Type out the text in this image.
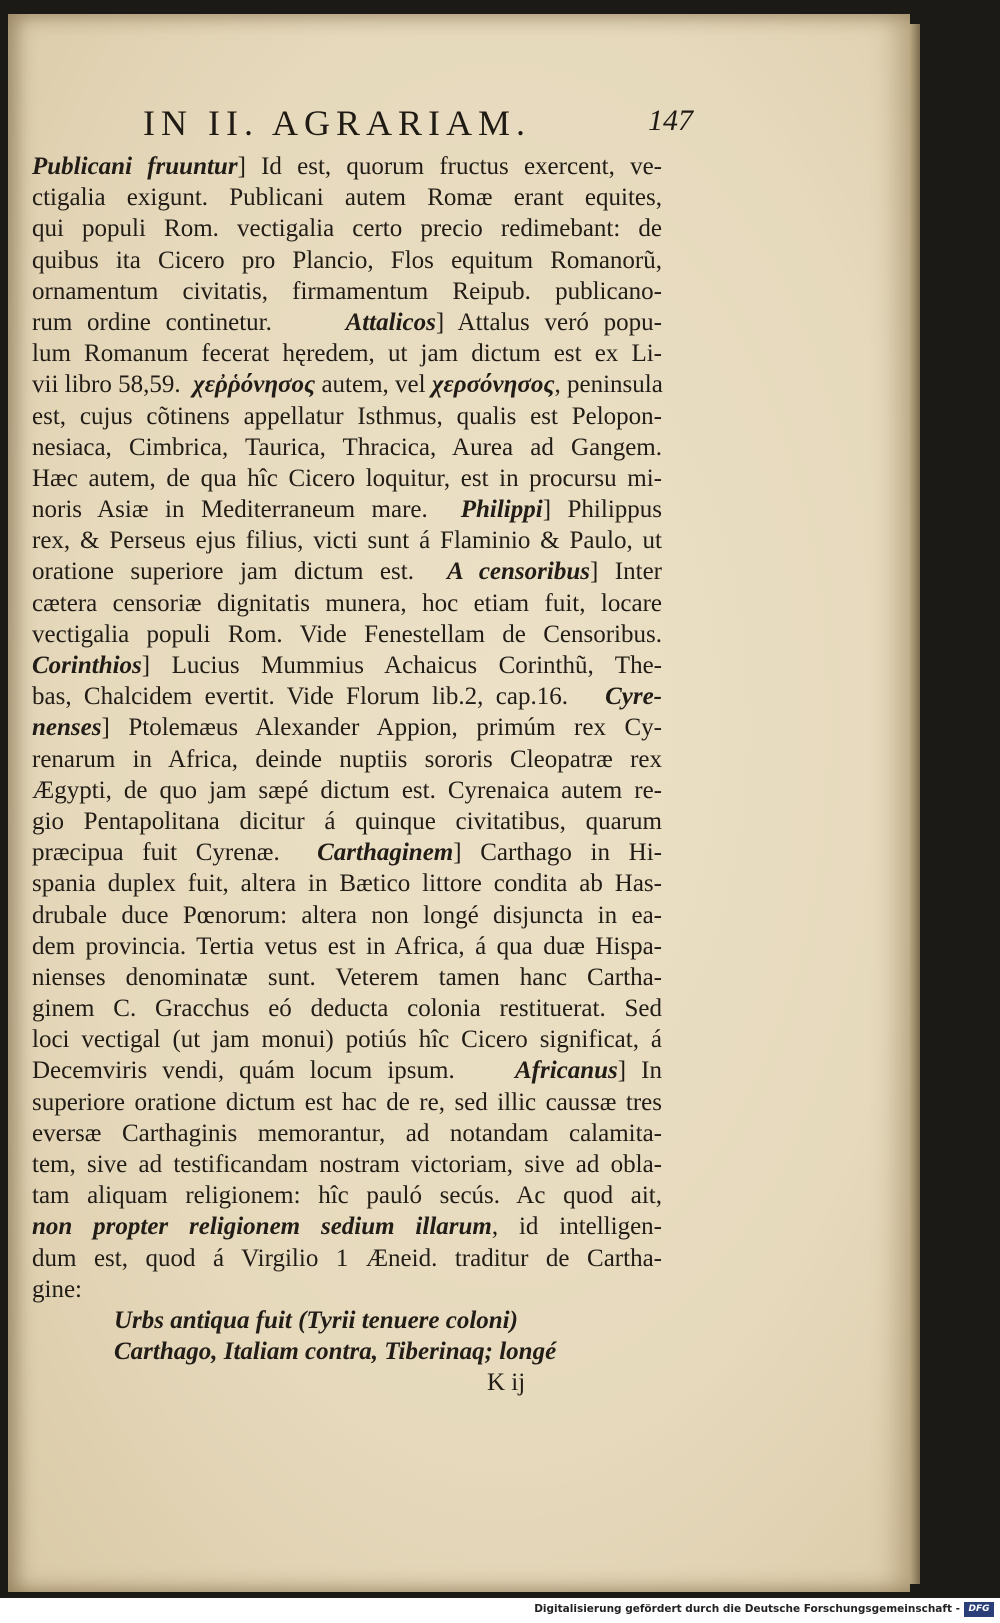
IN II. AGRARIAM.	147
Publicani fruuntur] Id est, quorum fructus exercent, ve-
ctigalia exigunt. Publicani autem Romæ erant equites,
qui populi Rom. vectigalia certo precio redimebant: de
quibus ita Cicero pro Plancio, Flos equitum Romanorũ,
ornamentum civitatis, firmamentum Reipub. publicano-
rum ordine continetur.	Attalicos] Attalus veró popu-
lum Romanum fecerat hęredem, ut jam dictum est ex Li-
vii libro 58,59. χεῤῥόνησος autem, vel χερσόνησος, peninsula
est, cujus cõtinens appellatur Isthmus, qualis est Pelopon-
nesiaca, Cimbrica, Taurica, Thracica, Aurea ad Gangem.
Hæc autem, de qua hîc Cicero loquitur, est in procursu mi-
noris Asiæ in Mediterraneum mare. Philippi] Philippus
rex, & Perseus ejus filius, victi sunt á Flaminio & Paulo, ut
oratione superiore jam dictum est. A censoribus] Inter
cætera censoriæ dignitatis munera, hoc etiam fuit, locare
vectigalia populi Rom. Vide Fenestellam de Censoribus.
Corinthios] Lucius Mummius Achaicus Corinthũ, The-
bas, Chalcidem evertit. Vide Florum lib.2, cap.16. Cyre-
nenses] Ptolemæus Alexander Appion, primúm rex Cy-
renarum in Africa, deinde nuptiis sororis Cleopatræ rex
Ægypti, de quo jam sæpé dictum est. Cyrenaica autem re-
gio Pentapolitana dicitur á quinque civitatibus, quarum
præcipua fuit Cyrenæ. Carthaginem] Carthago in Hi-
spania duplex fuit, altera in Bætico littore condita ab Has-
drubale duce Pœnorum: altera non longé disjuncta in ea-
dem provincia. Tertia vetus est in Africa, á qua duæ Hispa-
nienses denominatæ sunt. Veterem tamen hanc Cartha-
ginem C. Gracchus eó deducta colonia restituerat. Sed
loci vectigal (ut jam monui) potiús hîc Cicero significat, á
Decemviris vendi, quám locum ipsum. Africanus] In
superiore oratione dictum est hac de re, sed illic caussæ tres
eversæ Carthaginis memorantur, ad notandam calamita-
tem, sive ad testificandam nostram victoriam, sive ad obla-
tam aliquam religionem: hîc pauló secús. Ac quod ait,
non propter religionem sedium illarum, id intelligen-
dum est, quod á Virgilio 1 Æneid. traditur de Cartha-
gine:
Urbs antiqua fuit (Tyrii tenuere coloni)
Carthago, Italiam contra, Tiberinaq; longé
K ij
Digitalisierung gefördert durch die Deutsche Forschungsgemeinschaft - DFG
